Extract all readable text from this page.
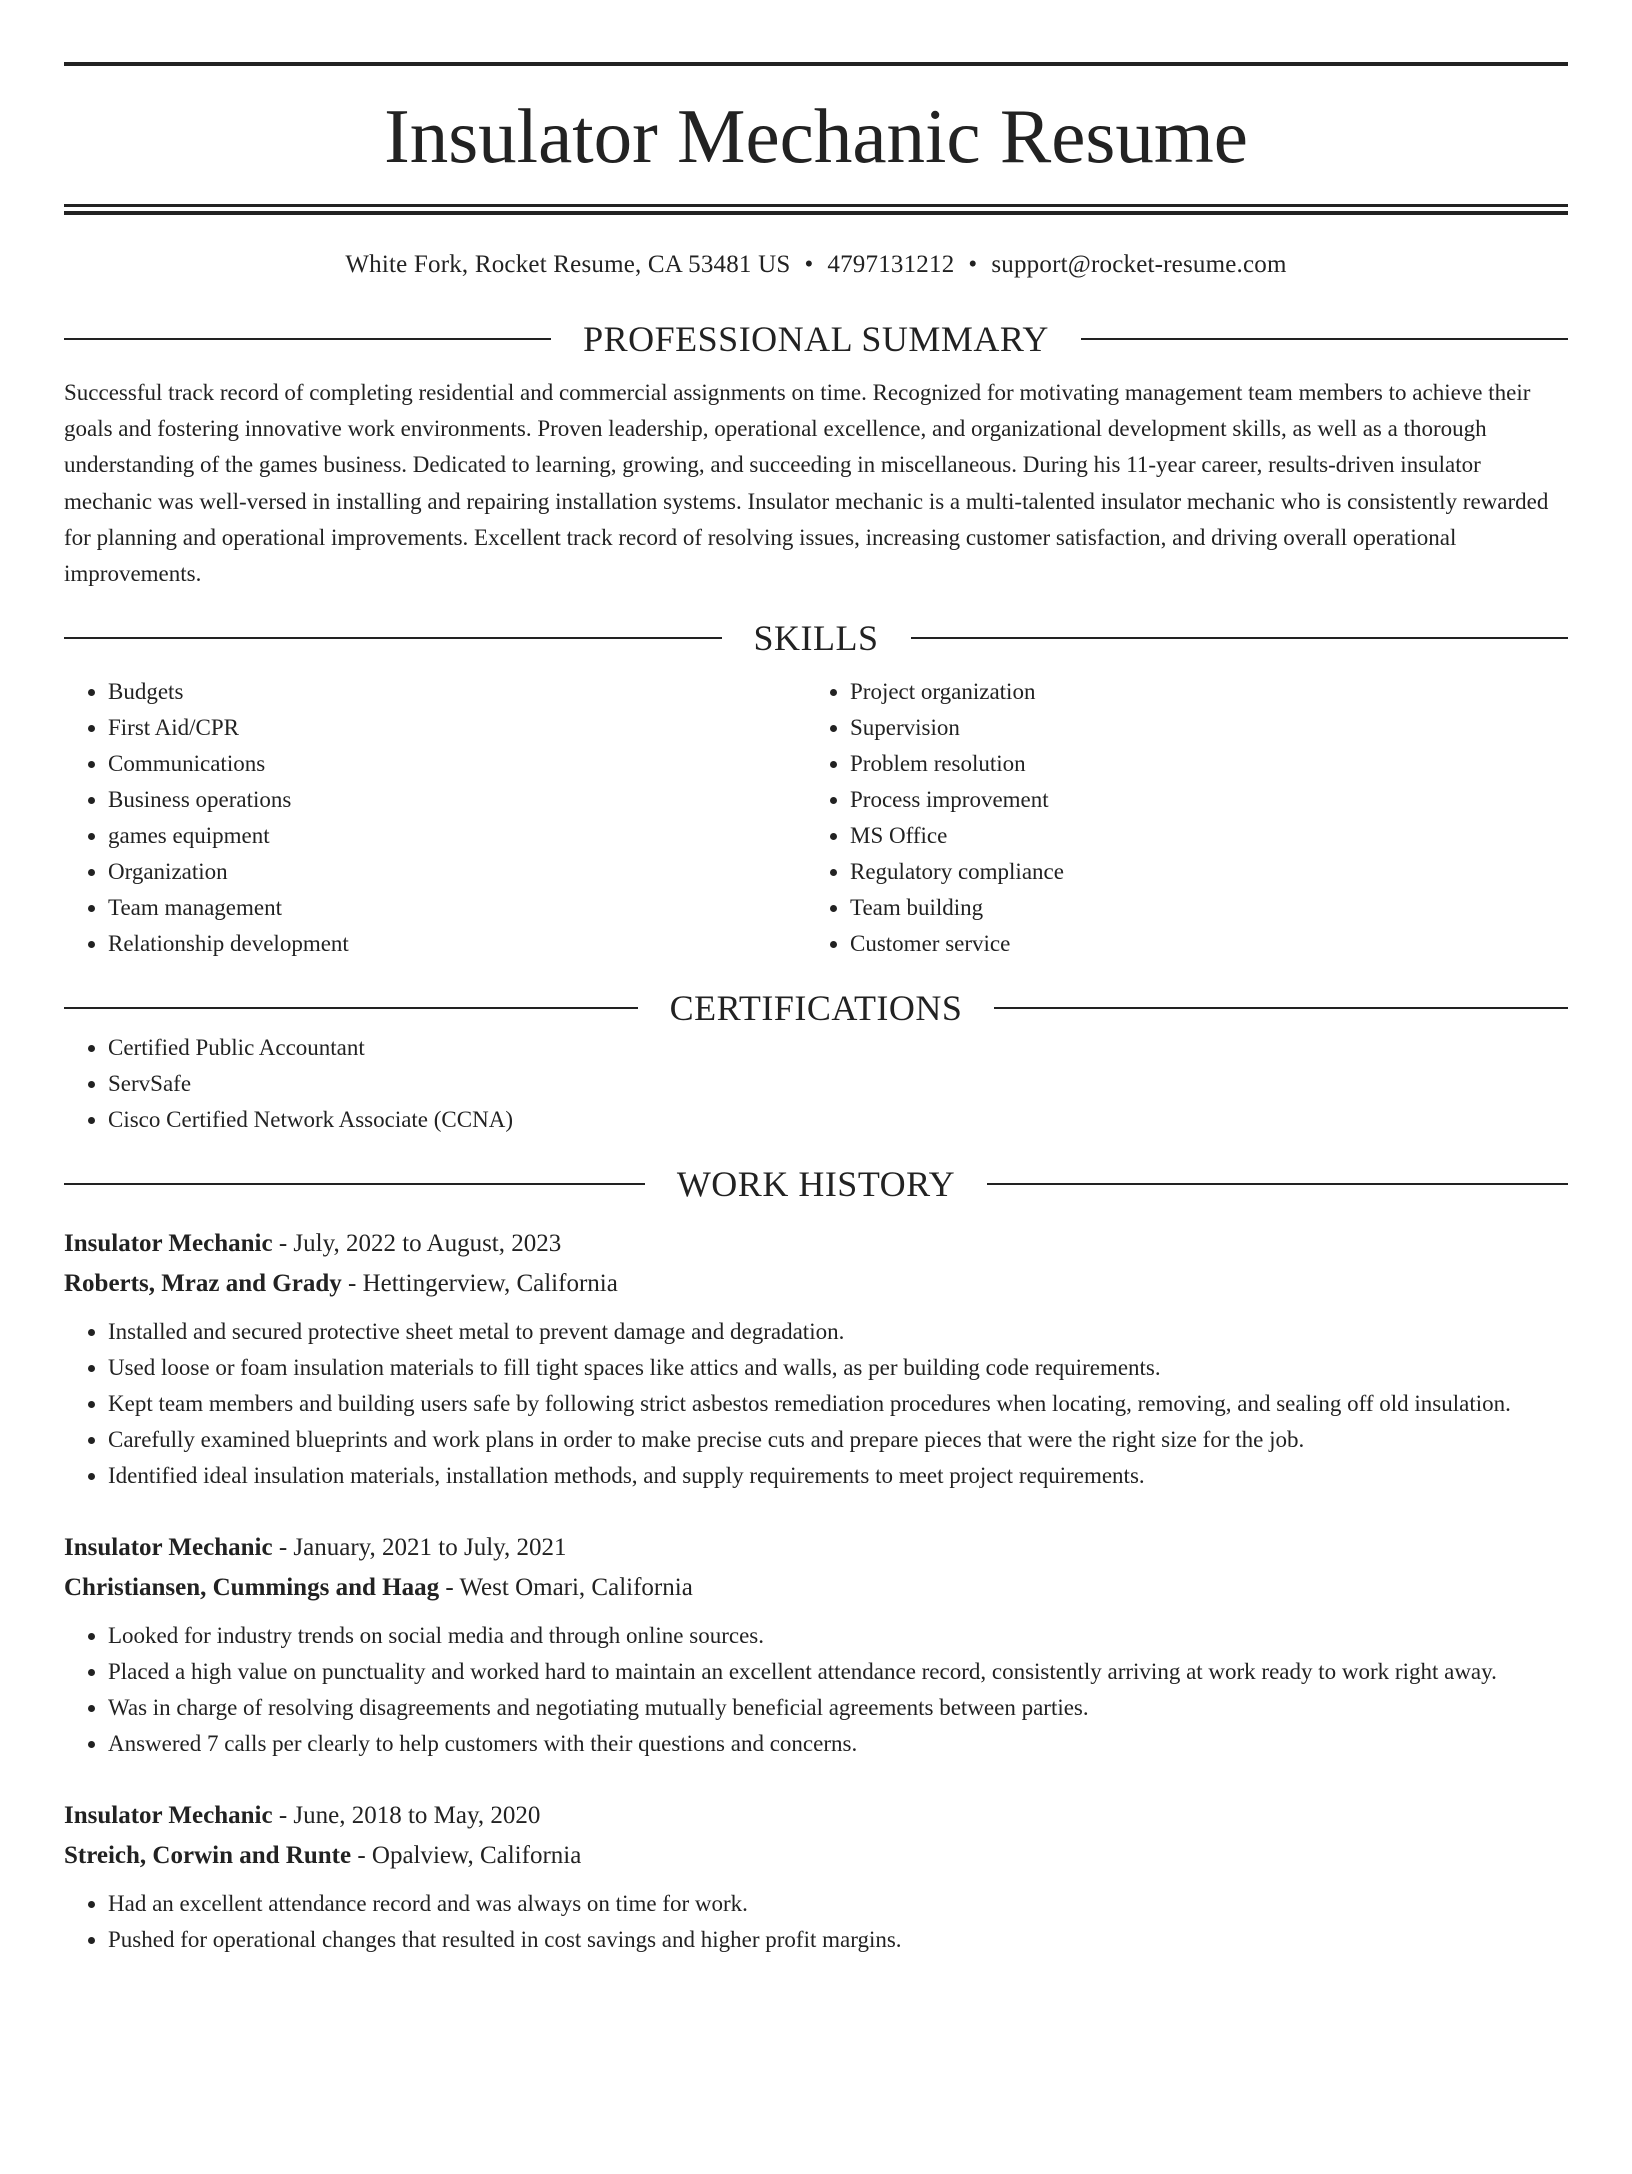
Insulator Mechanic Resume
White Fork, Rocket Resume, CA 53481 US • 4797131212 • support@rocket-resume.com
PROFESSIONAL SUMMARY
Successful track record of completing residential and commercial assignments on time. Recognized for motivating management team members to achieve their goals and fostering innovative work environments. Proven leadership, operational excellence, and organizational development skills, as well as a thorough understanding of the games business. Dedicated to learning, growing, and succeeding in miscellaneous. During his 11-year career, results-driven insulator mechanic was well-versed in installing and repairing installation systems. Insulator mechanic is a multi-talented insulator mechanic who is consistently rewarded for planning and operational improvements. Excellent track record of resolving issues, increasing customer satisfaction, and driving overall operational improvements.
SKILLS
• Budgets
• First Aid/CPR
• Communications
• Business operations
• games equipment
• Organization
• Team management
• Relationship development
• Project organization
• Supervision
• Problem resolution
• Process improvement
• MS Office
• Regulatory compliance
• Team building
• Customer service
CERTIFICATIONS
• Certified Public Accountant
• ServSafe
• Cisco Certified Network Associate (CCNA)
WORK HISTORY
Insulator Mechanic - July, 2022 to August, 2023
Roberts, Mraz and Grady - Hettingerview, California
• Installed and secured protective sheet metal to prevent damage and degradation.
• Used loose or foam insulation materials to fill tight spaces like attics and walls, as per building code requirements.
• Kept team members and building users safe by following strict asbestos remediation procedures when locating, removing, and sealing off old insulation.
• Carefully examined blueprints and work plans in order to make precise cuts and prepare pieces that were the right size for the job.
• Identified ideal insulation materials, installation methods, and supply requirements to meet project requirements.
Insulator Mechanic - January, 2021 to July, 2021
Christiansen, Cummings and Haag - West Omari, California
• Looked for industry trends on social media and through online sources.
• Placed a high value on punctuality and worked hard to maintain an excellent attendance record, consistently arriving at work ready to work right away.
• Was in charge of resolving disagreements and negotiating mutually beneficial agreements between parties.
• Answered 7 calls per clearly to help customers with their questions and concerns.
Insulator Mechanic - June, 2018 to May, 2020
Streich, Corwin and Runte - Opalview, California
• Had an excellent attendance record and was always on time for work.
• Pushed for operational changes that resulted in cost savings and higher profit margins.
